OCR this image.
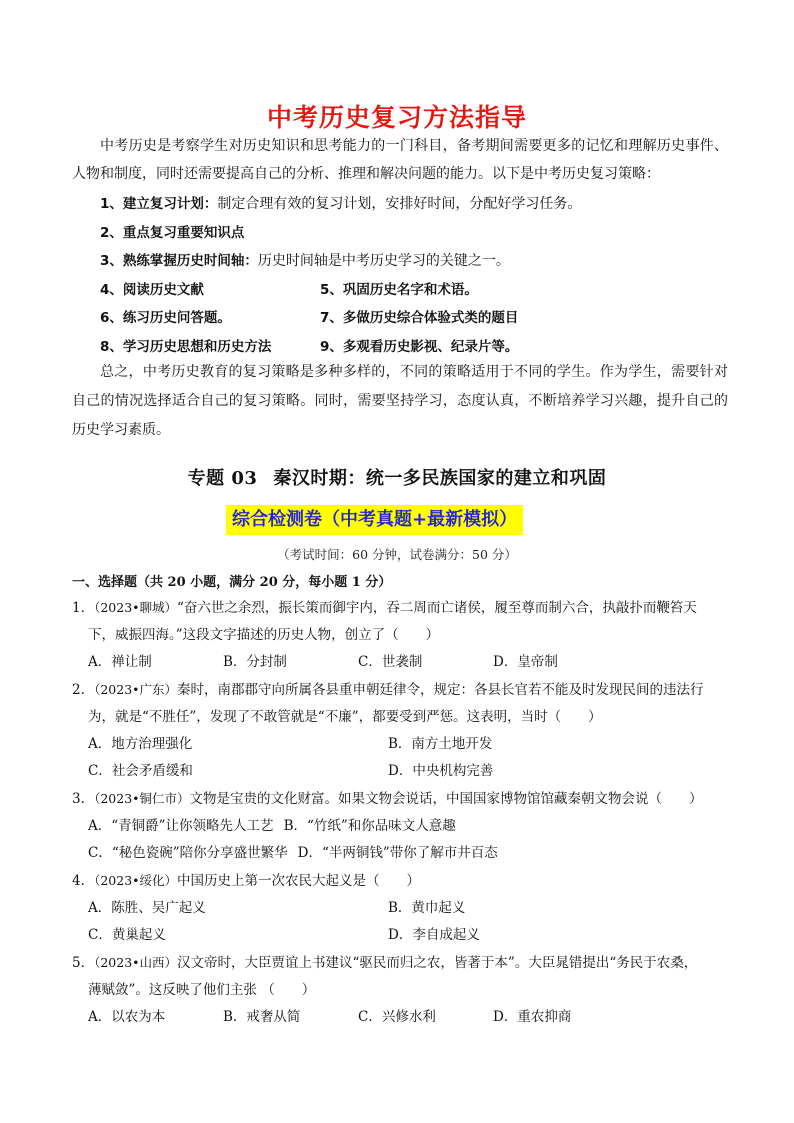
中考历史复习方法指导
中考历史是考察学生对历史知识和思考能力的一门科目，备考期间需要更多的记忆和理解历史事件、人物和制度，同时还需要提高自己的分析、推理和解决问题的能力。以下是中考历史复习策略：
1、建立复习计划：制定合理有效的复习计划，安排好时间，分配好学习任务。
2、重点复习重要知识点
3、熟练掌握历史时间轴：历史时间轴是中考历史学习的关键之一。
4、阅读历史文献	5、巩固历史名字和术语。
6、练习历史问答题。	7、多做历史综合体验式类的题目
8、学习历史思想和历史方法	9、多观看历史影视、纪录片等。
总之，中考历史教育的复习策略是多种多样的，不同的策略适用于不同的学生。作为学生，需要针对自己的情况选择适合自己的复习策略。同时，需要坚持学习，态度认真，不断培养学习兴趣，提升自己的历史学习素质。
专题 03 秦汉时期：统一多民族国家的建立和巩固
综合检测卷（中考真题+最新模拟）
（考试时间：60 分钟，试卷满分：50 分）
一、选择题（共 20 小题，满分 20 分，每小题 1 分）
1．（2023•聊城）“奋六世之余烈，振长策而御宇内，吞二周而亡诸侯，履至尊而制六合，执敲扑而鞭笞天
下，威振四海。”这段文字描述的历史人物，创立了（　　）
A．禅让制	B．分封制	C．世袭制	D．皇帝制
2．（2023•广东）秦时，南郡郡守向所属各县重申朝廷律令，规定：各县长官若不能及时发现民间的违法行
为，就是“不胜任”，发现了不敢管就是“不廉”，都要受到严惩。这表明，当时（　　）
A．地方治理强化	B．南方土地开发
C．社会矛盾缓和	D．中央机构完善
3．（2023•铜仁市）文物是宝贵的文化财富。如果文物会说话，中国国家博物馆馆藏秦朝文物会说（　　）
A．“青铜爵”让你领略先人工艺 B．“竹纸”和你品味文人意趣
C．“秘色瓷碗”陪你分享盛世繁华 D．“半两铜钱”带你了解市井百态
4．（2023•绥化）中国历史上第一次农民大起义是（　　）
A．陈胜、吴广起义	B．黄巾起义
C．黄巢起义	D．李自成起义
5．（2023•山西）汉文帝时，大臣贾谊上书建议“驱民而归之农，皆著于本”。大臣晁错提出“务民于农桑，
薄赋敛”。这反映了他们主张 （　　）
A．以农为本	B．戒奢从简	C．兴修水利	D．重农抑商
